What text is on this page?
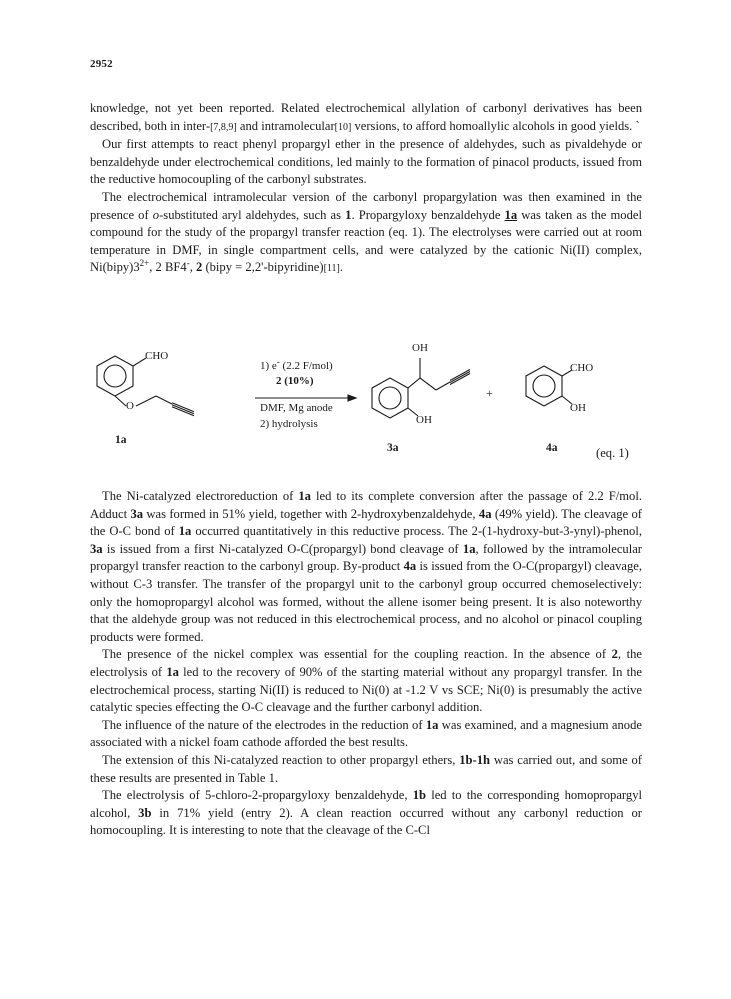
2952

knowledge, not yet been reported. Related electrochemical allylation of carbonyl derivatives has been described, both in inter-[7,8,9] and intramolecular[10] versions, to afford homoallylic alcohols in good yields. `

Our first attempts to react phenyl propargyl ether in the presence of aldehydes, such as pivaldehyde or benzaldehyde under electrochemical conditions, led mainly to the formation of pinacol products, issued from the reductive homocoupling of the carbonyl substrates.

The electrochemical intramolecular version of the carbonyl propargylation was then examined in the presence of o-substituted aryl aldehydes, such as 1. Propargyloxy benzaldehyde 1a was taken as the model compound for the study of the propargyl transfer reaction (eq. 1). The electrolyses were carried out at room temperature in DMF, in single compartment cells, and were catalyzed by the cationic Ni(II) complex, $Ni(bipy)3^{2+}$, 2 BF4-, 2 (bipy = 2,2'-bipyridine)[11].

CHO
O
1a
1) e- (2.2 F/mol)
2 (10%)
DMF, Mg anode
2) hydrolysis
OH
OH
3a
+
CHO
OH
4a	(eq. 1)

The Ni-catalyzed electroreduction of 1a led to its complete conversion after the passage of 2.2 F/mol. Adduct 3a was formed in 51% yield, together with 2-hydroxybenzaldehyde, 4a (49% yield). The cleavage of the O-C bond of 1a occurred quantitatively in this reductive process. The 2-(1-hydroxy-but-3-ynyl)-phenol, 3a is issued from a first Ni-catalyzed O-C(propargyl) bond cleavage of 1a, followed by the intramolecular propargyl transfer reaction to the carbonyl group. By-product 4a is issued from the O-C(propargyl) cleavage, without C-3 transfer. The transfer of the propargyl unit to the carbonyl group occurred chemoselectively: only the homopropargyl alcohol was formed, without the allene isomer being present. It is also noteworthy that the aldehyde group was not reduced in this electrochemical process, and no alcohol or pinacol coupling products were formed.

The presence of the nickel complex was essential for the coupling reaction. In the absence of 2, the electrolysis of 1a led to the recovery of 90% of the starting material without any propargyl transfer. In the electrochemical process, starting Ni(II) is reduced to Ni(0) at -1.2 V vs SCE; Ni(0) is presumably the active catalytic species effecting the O-C cleavage and the further carbonyl addition.

The influence of the nature of the electrodes in the reduction of 1a was examined, and a magnesium anode associated with a nickel foam cathode afforded the best results.

The extension of this Ni-catalyzed reaction to other propargyl ethers, 1b-1h was carried out, and some of these results are presented in Table 1.

The electrolysis of 5-chloro-2-propargyloxy benzaldehyde, 1b led to the corresponding homopropargyl alcohol, 3b in 71% yield (entry 2). A clean reaction occurred without any carbonyl reduction or homocoupling. It is interesting to note that the cleavage of the C-Cl
